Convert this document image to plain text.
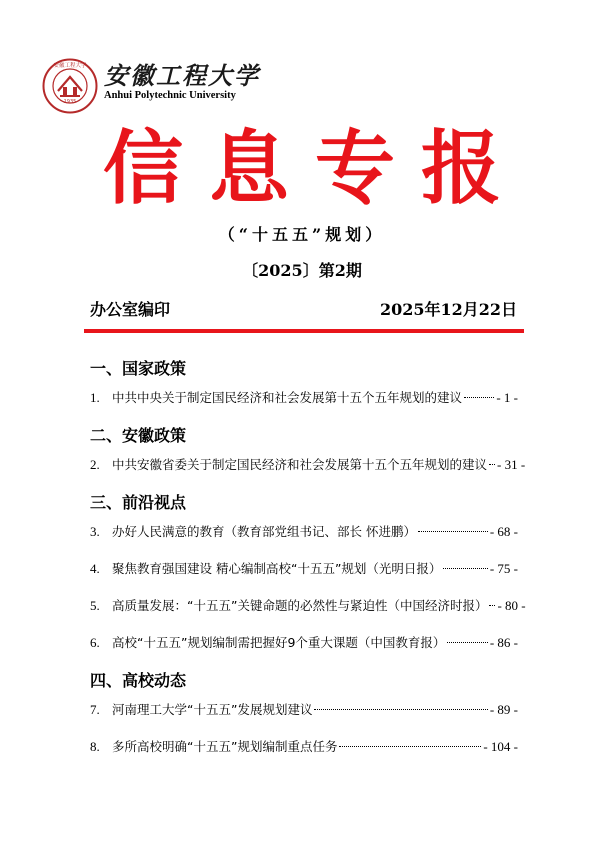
1935
安徽工程大学 安徽工程大学
Anhui Polytechnic University
信息专报
（“十五五”规划）
〔2025〕第2期
办公室编印	2025年12月22日
一、国家政策
1. 中共中央关于制定国民经济和社会发展第十五个五年规划的建议	- 1 -
二、安徽政策
2. 中共安徽省委关于制定国民经济和社会发展第十五个五年规划的建议 - 31 -
三、前沿视点
3. 办好人民满意的教育（教育部党组书记、部长 怀进鹏）	- 68 -
4. 聚焦教育强国建设 精心编制高校“十五五”规划（光明日报）	- 75 -
5. 高质量发展：“十五五”关键命题的必然性与紧迫性（中国经济时报） - 80 -
6. 高校“十五五”规划编制需把握好9个重大课题（中国教育报）	- 86 -
四、高校动态
7. 河南理工大学“十五五”发展规划建议	- 89 -
8. 多所高校明确“十五五”规划编制重点任务	- 104 -
